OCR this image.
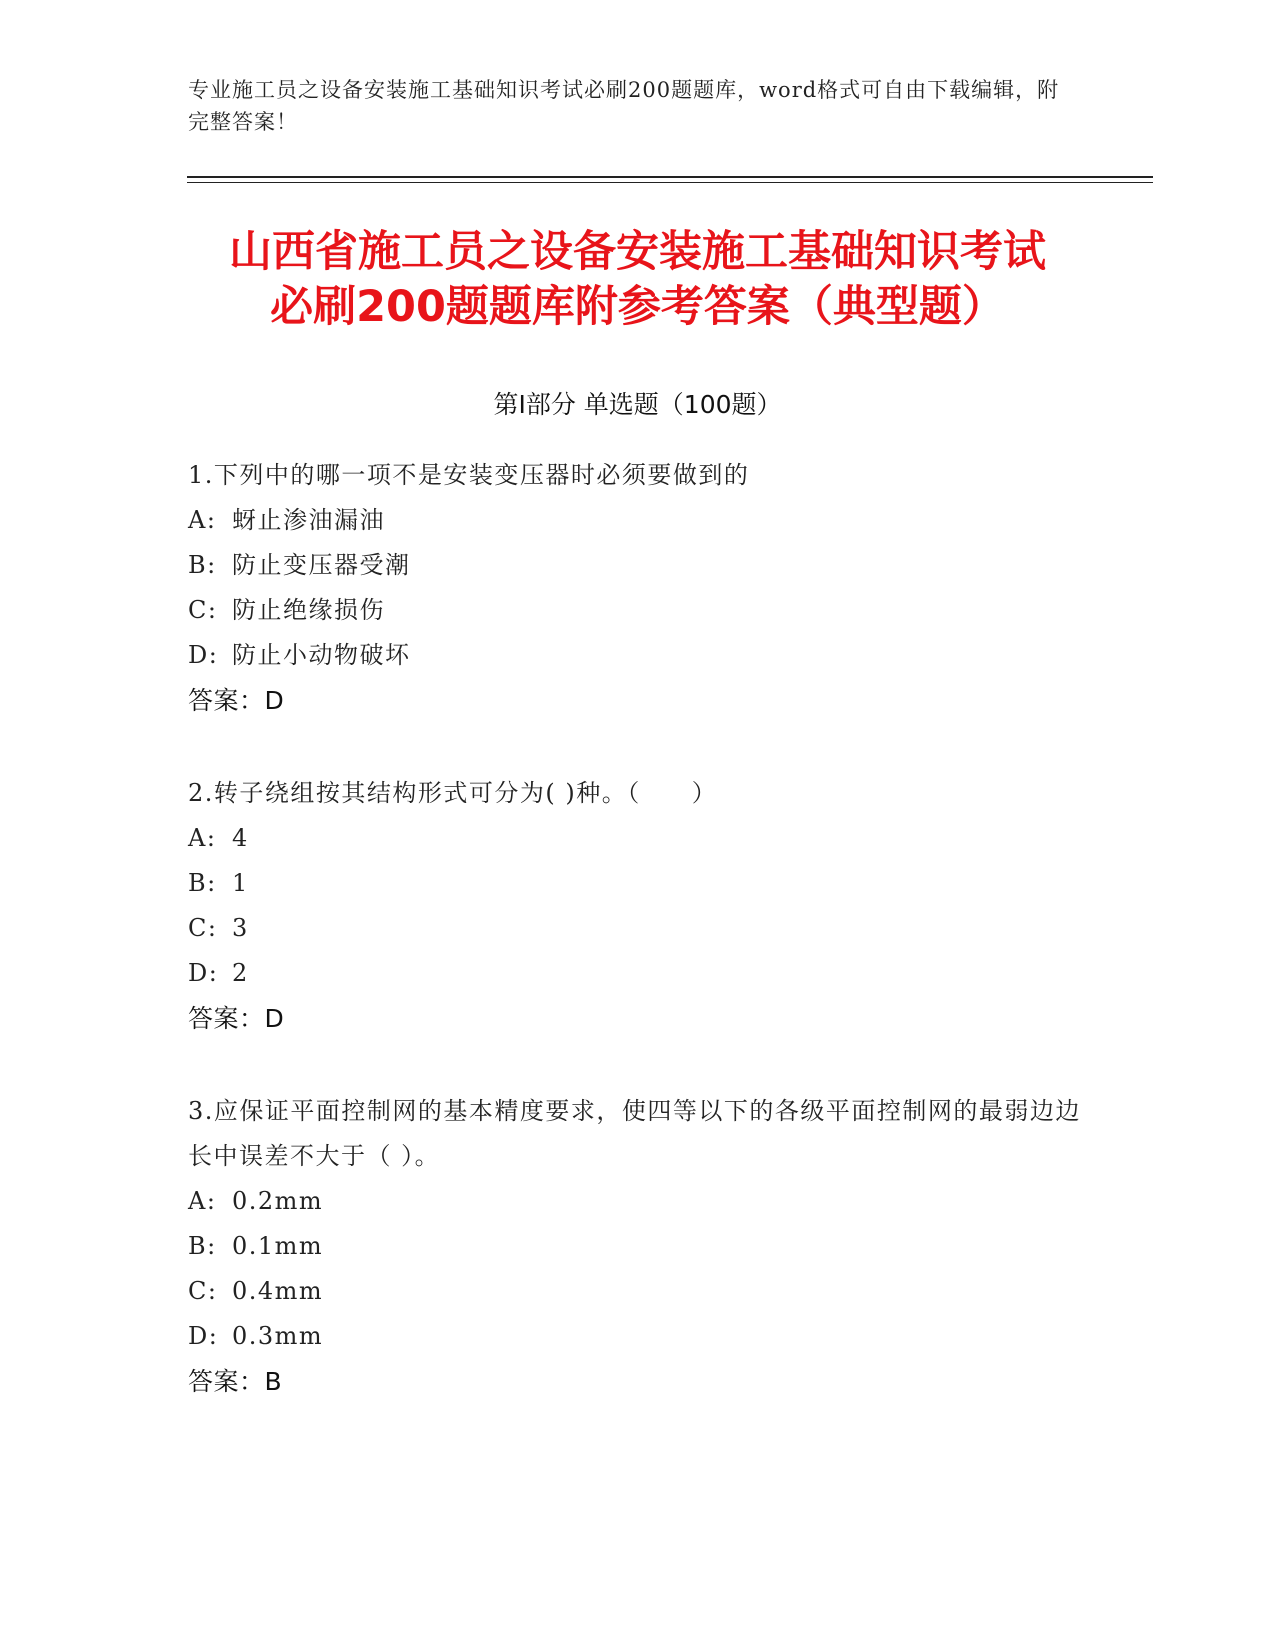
专业施工员之设备安装施工基础知识考试必刷200题题库，word格式可自由下载编辑，附完整答案！
山西省施工员之设备安装施工基础知识考试
必刷200题题库附参考答案（典型题）
第Ⅰ部分 单选题（100题）
1.下列中的哪一项不是安装变压器时必须要做到的
A: 蚜止渗油漏油
B: 防止变压器受潮
C: 防止绝缘损伤
D: 防止小动物破坏
答案：D
2.转子绕组按其结构形式可分为( )种。（　　）
A: 4
B: 1
C: 3
D: 2
答案：D
3.应保证平面控制网的基本精度要求，使四等以下的各级平面控制网的最弱边边长中误差不大于（ ）。
A: 0.2mm
B: 0.1mm
C: 0.4mm
D: 0.3mm
答案：B
